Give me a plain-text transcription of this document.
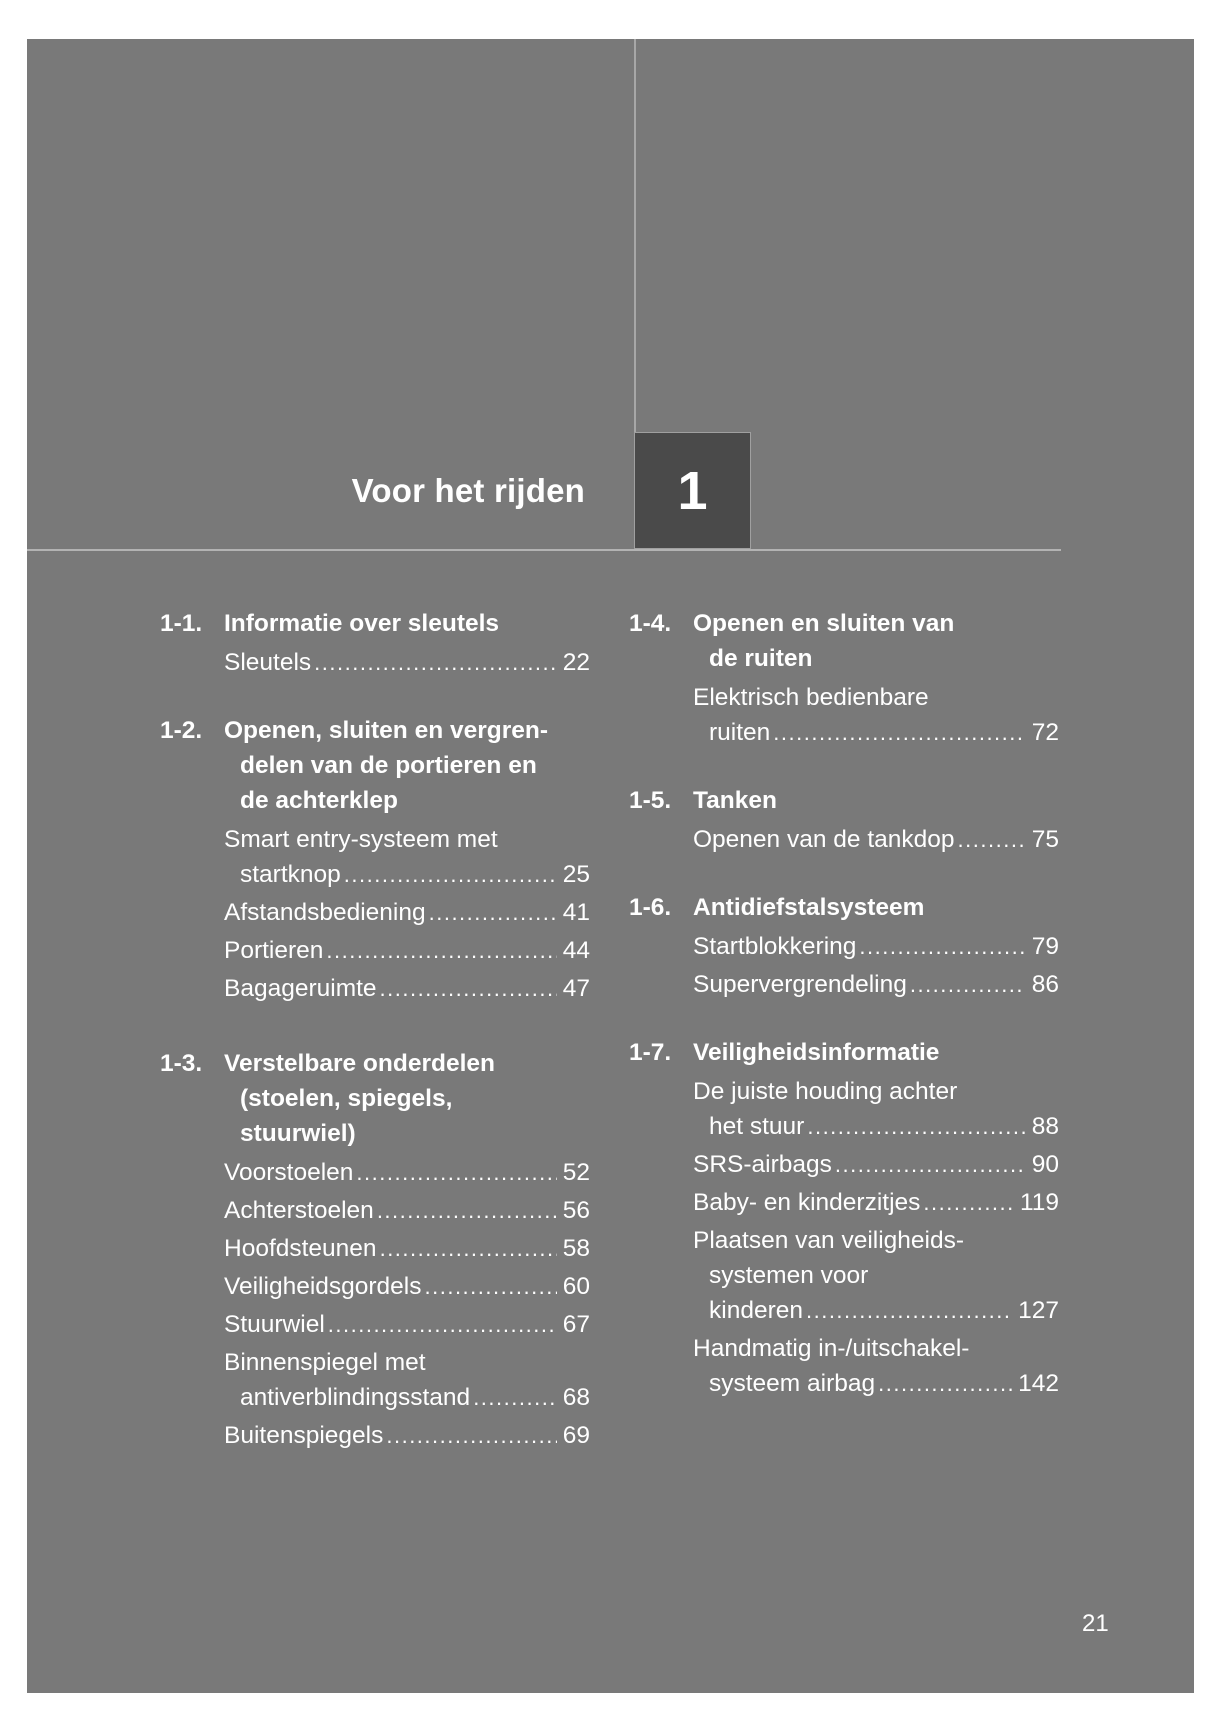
Voor het rijden	1
1-1. Informatie over sleutels
Sleutels .....	22
1-2. Openen, sluiten en vergren-
delen van de portieren en
de achterklep
Smart entry-systeem met
startknop .....	25
Afstandsbediening .....	41
Portieren .....	44
Bagageruimte .....	47
1-3. Verstelbare onderdelen
(stoelen, spiegels,
stuurwiel)
Voorstoelen .....	52
Achterstoelen .....	56
Hoofdsteunen .....	58
Veiligheidsgordels .....	60
Stuurwiel .....	67
Binnenspiegel met
antiverblindingsstand .....	68
Buitenspiegels .....	69
1-4. Openen en sluiten van
de ruiten
Elektrisch bedienbare
ruiten .....	72
1-5. Tanken
Openen van de tankdop .....	75
1-6. Antidiefstalsysteem
Startblokkering .....	79
Supervergrendeling .....	86
1-7. Veiligheidsinformatie
De juiste houding achter
het stuur .....	88
SRS-airbags .....	90
Baby- en kinderzitjes .....	119
Plaatsen van veiligheids-
systemen voor
kinderen .....	127
Handmatig in-/uitschakel-
systeem airbag .....	142
21
